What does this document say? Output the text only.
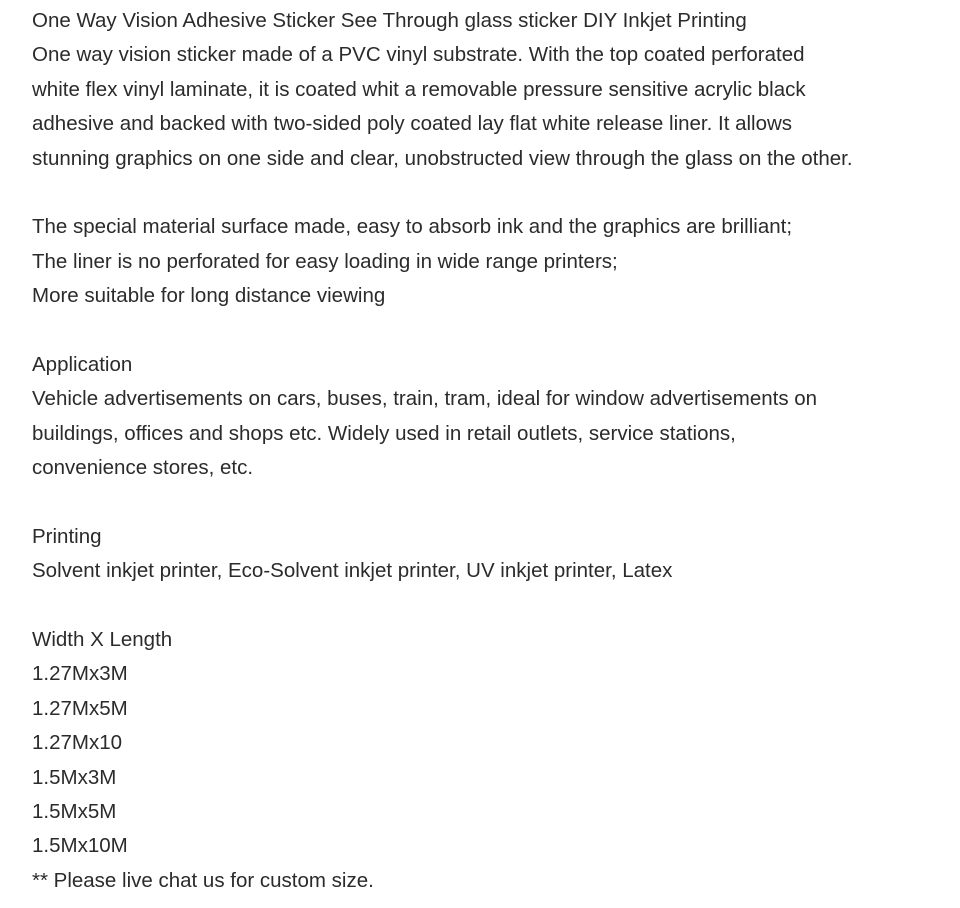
One Way Vision Adhesive Sticker See Through glass sticker DIY Inkjet Printing
One way vision sticker made of a PVC vinyl substrate. With the top coated perforated
white flex vinyl laminate, it is coated whit a removable pressure sensitive acrylic black
adhesive and backed with two-sided poly coated lay flat white release liner. It allows
stunning graphics on one side and clear, unobstructed view through the glass on the other.
The special material surface made, easy to absorb ink and the graphics are brilliant;
The liner is no perforated for easy loading in wide range printers;
More suitable for long distance viewing
Application
Vehicle advertisements on cars, buses, train, tram, ideal for window advertisements on
buildings, offices and shops etc. Widely used in retail outlets, service stations,
convenience stores, etc.
Printing
Solvent inkjet printer, Eco-Solvent inkjet printer, UV inkjet printer, Latex
Width X Length
1.27Mx3M
1.27Mx5M
1.27Mx10
1.5Mx3M
1.5Mx5M
1.5Mx10M
** Please live chat us for custom size.
